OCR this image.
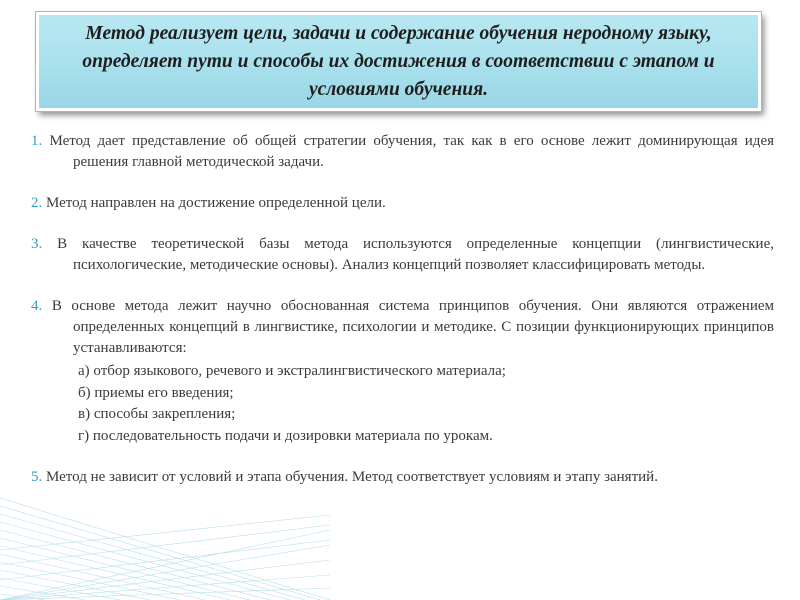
Метод реализует цели, задачи и содержание обучения неродному языку, определяет пути и способы их достижения в соответствии с этапом и условиями обучения.

1. Метод дает представление об общей стратегии обучения, так как в его основе лежит доминирующая идея решения главной методической задачи.

2. Метод направлен на достижение определенной цели.

3. В качестве теоретической базы метода используются определенные концепции (лингвистические, психологические, методические основы). Анализ концепций позволяет классифицировать методы.

4. В основе метода лежит научно обоснованная система принципов обучения. Они являются отражением определенных концепций в лингвистике, психологии и методике. С позиции функционирующих принципов устанавливаются:

а) отбор языкового, речевого и экстралингвистического материала;
б) приемы его введения;
в) способы закрепления;
г) последовательность подачи и дозировки материала по урокам.

5. Метод не зависит от условий и этапа обучения. Метод соответствует условиям и этапу занятий.
